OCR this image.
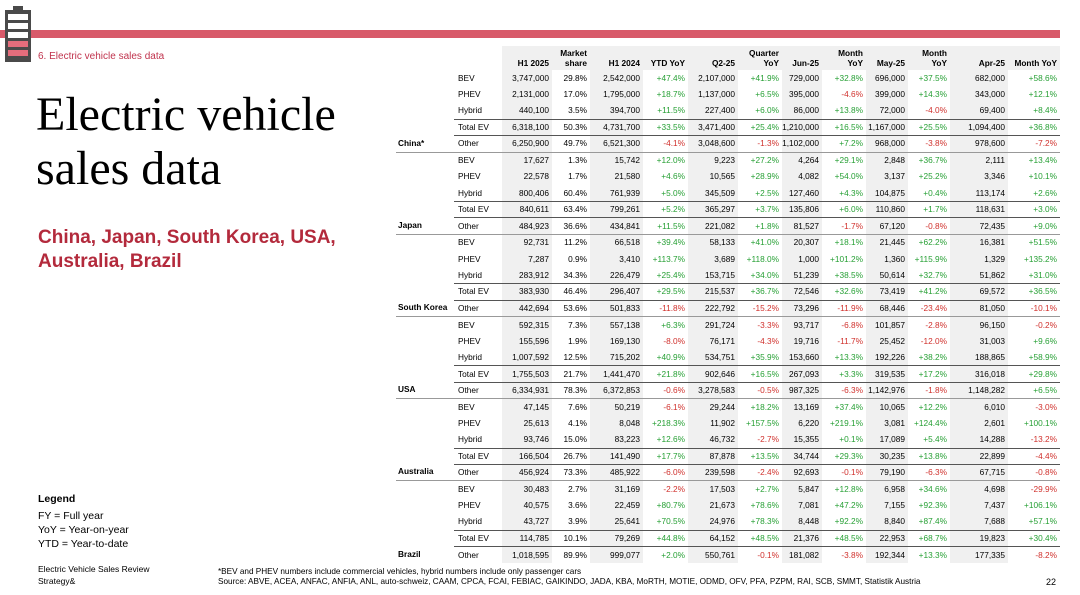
6. Electric vehicle sales data
Electric vehicle sales data
China, Japan, South Korea, USA, Australia, Brazil
Legend
FY = Full year
YoY = Year-on-year
YTD = Year-to-date
		H1 2025	Market share	H1 2024	YTD YoY	Q2-25	Quarter YoY	Jun-25	Month YoY	May-25	Month YoY	Apr-25	Month YoY
China*	BEV	3,747,000	29.8%	2,542,000	+47.4%	2,107,000	+41.9%	729,000	+32.8%	696,000	+37.5%	682,000	+58.6%
	PHEV	2,131,000	17.0%	1,795,000	+18.7%	1,137,000	+6.5%	395,000	-4.6%	399,000	+14.3%	343,000	+12.1%
	Hybrid	440,100	3.5%	394,700	+11.5%	227,400	+6.0%	86,000	+13.8%	72,000	-4.0%	69,400	+8.4%
	Total EV	6,318,100	50.3%	4,731,700	+33.5%	3,471,400	+25.4%	1,210,000	+16.5%	1,167,000	+25.5%	1,094,400	+36.8%
	Other	6,250,900	49.7%	6,521,300	-4.1%	3,048,600	-1.3%	1,102,000	+7.2%	968,000	-3.8%	978,600	-7.2%
Japan	BEV	17,627	1.3%	15,742	+12.0%	9,223	+27.2%	4,264	+29.1%	2,848	+36.7%	2,111	+13.4%
	PHEV	22,578	1.7%	21,580	+4.6%	10,565	+28.9%	4,082	+54.0%	3,137	+25.2%	3,346	+10.1%
	Hybrid	800,406	60.4%	761,939	+5.0%	345,509	+2.5%	127,460	+4.3%	104,875	+0.4%	113,174	+2.6%
	Total EV	840,611	63.4%	799,261	+5.2%	365,297	+3.7%	135,806	+6.0%	110,860	+1.7%	118,631	+3.0%
	Other	484,923	36.6%	434,841	+11.5%	221,082	+1.8%	81,527	-1.7%	67,120	-0.8%	72,435	+9.0%
South Korea	BEV	92,731	11.2%	66,518	+39.4%	58,133	+41.0%	20,307	+18.1%	21,445	+62.2%	16,381	+51.5%
	PHEV	7,287	0.9%	3,410	+113.7%	3,689	+118.0%	1,000	+101.2%	1,360	+115.9%	1,329	+135.2%
	Hybrid	283,912	34.3%	226,479	+25.4%	153,715	+34.0%	51,239	+38.5%	50,614	+32.7%	51,862	+31.0%
	Total EV	383,930	46.4%	296,407	+29.5%	215,537	+36.7%	72,546	+32.6%	73,419	+41.2%	69,572	+36.5%
	Other	442,694	53.6%	501,833	-11.8%	222,792	-15.2%	73,296	-11.9%	68,446	-23.4%	81,050	-10.1%
USA	BEV	592,315	7.3%	557,138	+6.3%	291,724	-3.3%	93,717	-6.8%	101,857	-2.8%	96,150	-0.2%
	PHEV	155,596	1.9%	169,130	-8.0%	76,171	-4.3%	19,716	-11.7%	25,452	-12.0%	31,003	+9.6%
	Hybrid	1,007,592	12.5%	715,202	+40.9%	534,751	+35.9%	153,660	+13.3%	192,226	+38.2%	188,865	+58.9%
	Total EV	1,755,503	21.7%	1,441,470	+21.8%	902,646	+16.5%	267,093	+3.3%	319,535	+17.2%	316,018	+29.8%
	Other	6,334,931	78.3%	6,372,853	-0.6%	3,278,583	-0.5%	987,325	-6.3%	1,142,976	-1.8%	1,148,282	+6.5%
Australia	BEV	47,145	7.6%	50,219	-6.1%	29,244	+18.2%	13,169	+37.4%	10,065	+12.2%	6,010	-3.0%
	PHEV	25,613	4.1%	8,048	+218.3%	11,902	+157.5%	6,220	+219.1%	3,081	+124.4%	2,601	+100.1%
	Hybrid	93,746	15.0%	83,223	+12.6%	46,732	-2.7%	15,355	+0.1%	17,089	+5.4%	14,288	-13.2%
	Total EV	166,504	26.7%	141,490	+17.7%	87,878	+13.5%	34,744	+29.3%	30,235	+13.8%	22,899	-4.4%
	Other	456,924	73.3%	485,922	-6.0%	239,598	-2.4%	92,693	-0.1%	79,190	-6.3%	67,715	-0.8%
Brazil	BEV	30,483	2.7%	31,169	-2.2%	17,503	+2.7%	5,847	+12.8%	6,958	+34.6%	4,698	-29.9%
	PHEV	40,575	3.6%	22,459	+80.7%	21,673	+78.6%	7,081	+47.2%	7,155	+92.3%	7,437	+106.1%
	Hybrid	43,727	3.9%	25,641	+70.5%	24,976	+78.3%	8,448	+92.2%	8,840	+87.4%	7,688	+57.1%
	Total EV	114,785	10.1%	79,269	+44.8%	64,152	+48.5%	21,376	+48.5%	22,953	+68.7%	19,823	+30.4%
	Other	1,018,595	89.9%	999,077	+2.0%	550,761	-0.1%	181,082	-3.8%	192,344	+13.3%	177,335	-8.2%
Electric Vehicle Sales Review
Strategy&
*BEV and PHEV numbers include commercial vehicles, hybrid numbers include only passenger cars
Source: ABVE, ACEA, ANFAC, ANFIA, ANL, auto-schweiz, CAAM, CPCA, FCAI, FEBIAC, GAIKINDO, JADA, KBA, MoRTH, MOTIE, ODMD, OFV, PFA, PZPM, RAI, SCB, SMMT, Statistik Austria	22
